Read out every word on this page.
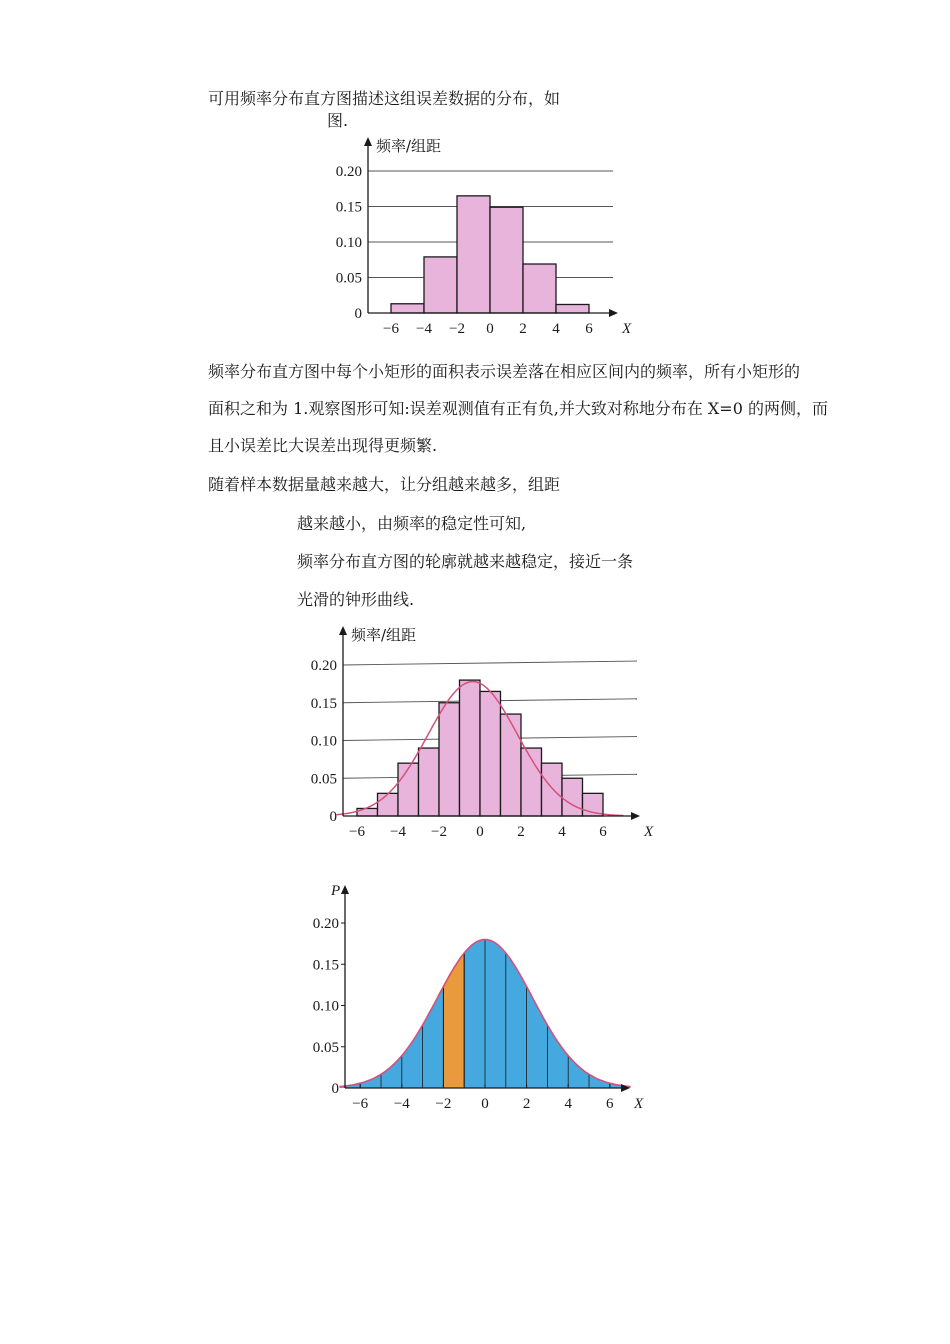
可用频率分布直方图描述这组误差数据的分布，如
图.
0
0.05
0.10
0.15
0.20
−6 −4 −2 0 2 4 6 X
频率/组距
频率分布直方图中每个小矩形的面积表示误差落在相应区间内的频率，所有小矩形的
面积之和为 1.观察图形可知:误差观测值有正有负,并大致对称地分布在 X=0 的两侧，而
且小误差比大误差出现得更频繁.
随着样本数据量越来越大，让分组越来越多，组距
越来越小，由频率的稳定性可知,
频率分布直方图的轮廓就越来越稳定，接近一条
光滑的钟形曲线.
0
0.05
0.10
0.15
0.20
−6 −4 −2 0 2 4 6 X
频率/组距
0
0.05
0.10
0.15
0.20
−6 −4 −2 0 2 4 6 X
P
